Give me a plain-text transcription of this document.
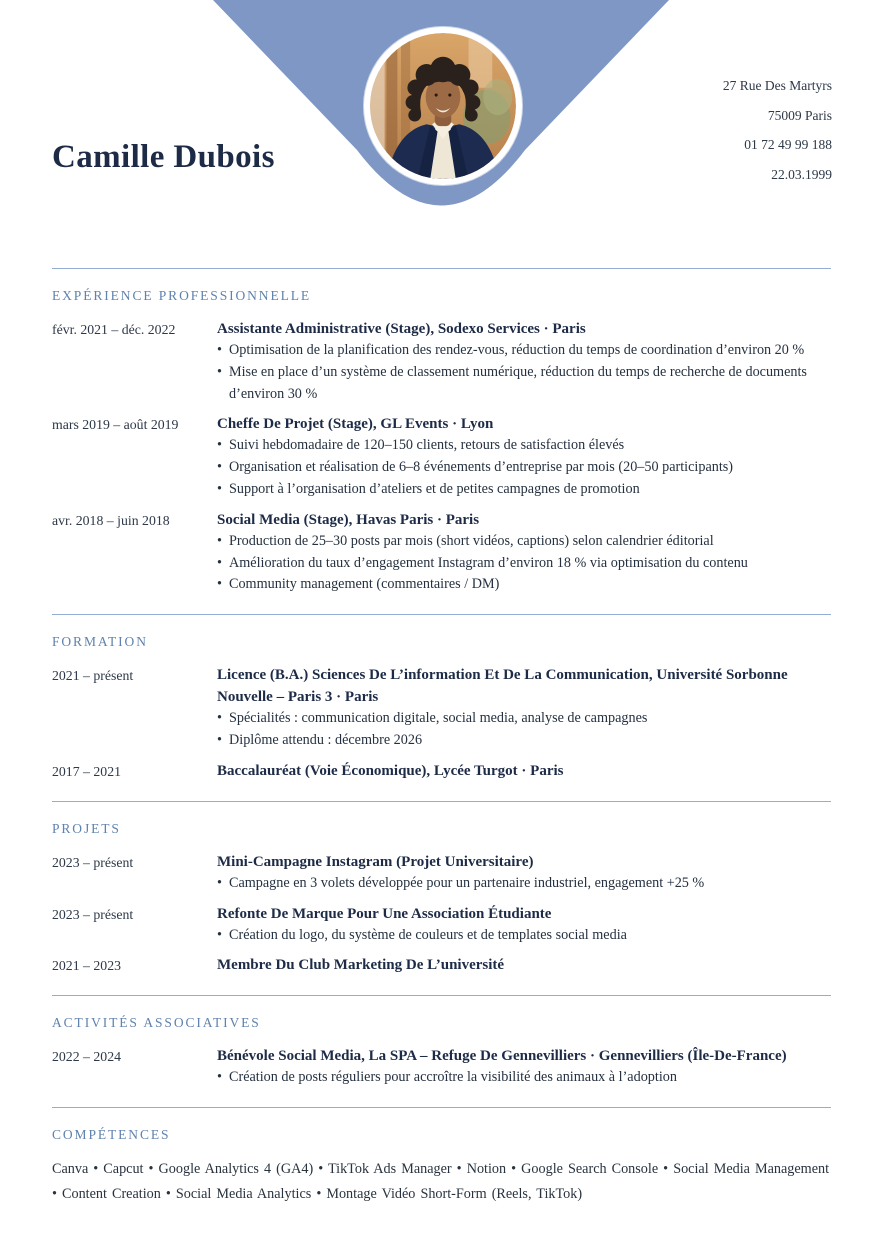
Camille Dubois
27 Rue Des Martyrs
75009 Paris
01 72 49 99 188
22.03.1999
EXPÉRIENCE PROFESSIONNELLE
févr. 2021 – déc. 2022	Assistante Administrative (Stage), Sodexo Services · Paris
• Optimisation de la planification des rendez-vous, réduction du temps de coordination d’environ 20 %
• Mise en place d’un système de classement numérique, réduction du temps de recherche de documents d’environ 30 %
mars 2019 – août 2019	Cheffe De Projet (Stage), GL Events · Lyon
• Suivi hebdomadaire de 120–150 clients, retours de satisfaction élevés
• Organisation et réalisation de 6–8 événements d’entreprise par mois (20–50 participants)
• Support à l’organisation d’ateliers et de petites campagnes de promotion
avr. 2018 – juin 2018	Social Media (Stage), Havas Paris · Paris
• Production de 25–30 posts par mois (short vidéos, captions) selon calendrier éditorial
• Amélioration du taux d’engagement Instagram d’environ 18 % via optimisation du contenu
• Community management (commentaires / DM)
FORMATION
2021 – présent	Licence (B.A.) Sciences De L’information Et De La Communication, Université Sorbonne Nouvelle – Paris 3 · Paris
• Spécialités : communication digitale, social media, analyse de campagnes
• Diplôme attendu : décembre 2026
2017 – 2021	Baccalauréat (Voie Économique), Lycée Turgot · Paris
PROJETS
2023 – présent	Mini-Campagne Instagram (Projet Universitaire)
• Campagne en 3 volets développée pour un partenaire industriel, engagement +25 %
2023 – présent	Refonte De Marque Pour Une Association Étudiante
• Création du logo, du système de couleurs et de templates social media
2021 – 2023	Membre Du Club Marketing De L’université
ACTIVITÉS ASSOCIATIVES
2022 – 2024	Bénévole Social Media, La SPA – Refuge De Gennevilliers · Gennevilliers (Île-De-France)
• Création de posts réguliers pour accroître la visibilité des animaux à l’adoption
COMPÉTENCES

Canva • Capcut • Google Analytics 4 (GA4) • TikTok Ads Manager • Notion • Google Search Console • Social Media Management • Content Creation • Social Media Analytics • Montage Vidéo Short-Form (Reels, TikTok)
